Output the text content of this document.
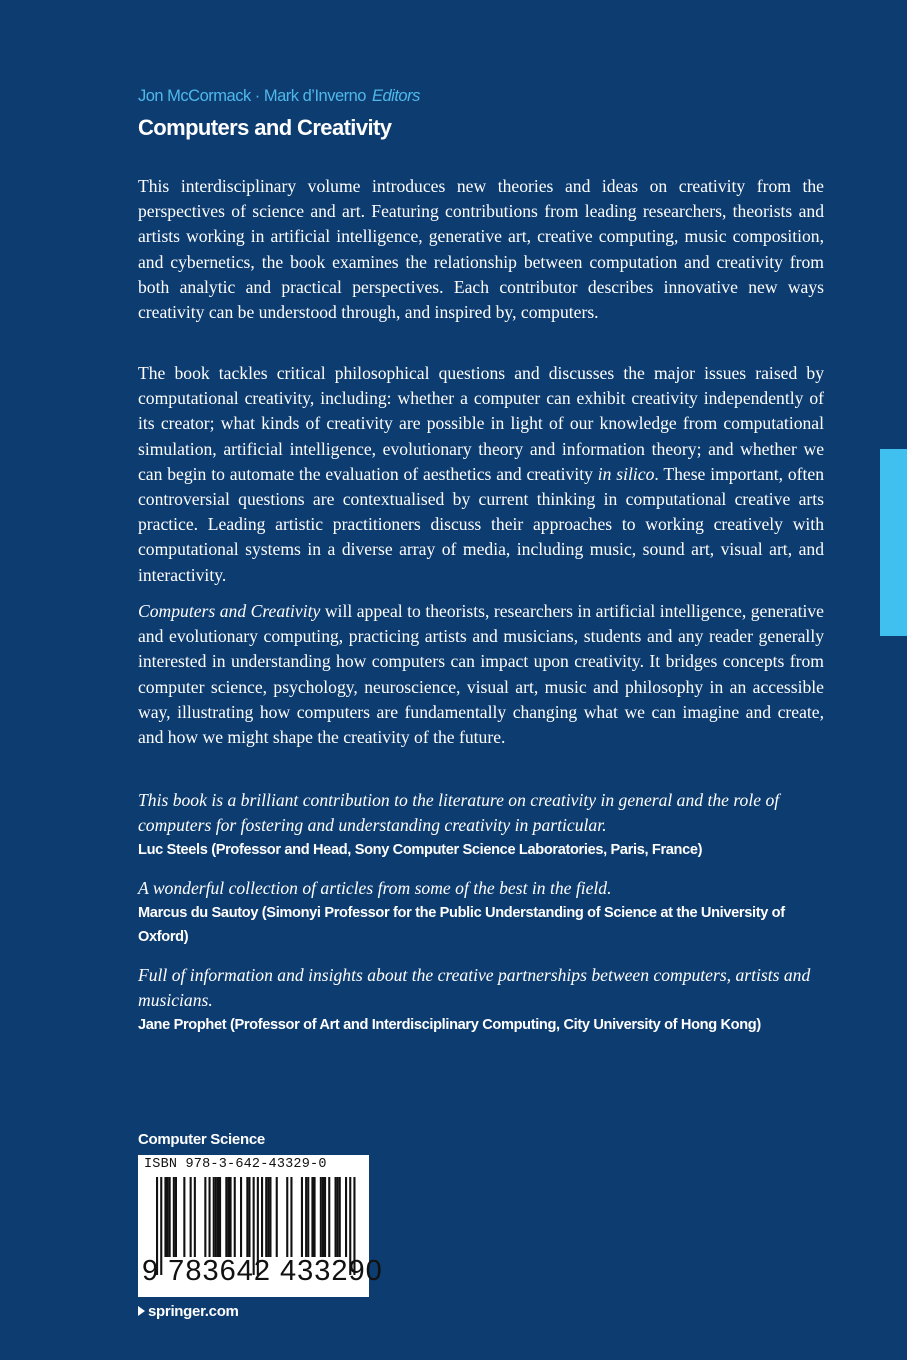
Jon McCormack · Mark d’Inverno Editors
Computers and Creativity

This interdisciplinary volume introduces new theories and ideas on creativity from the perspectives of science and art. Featuring contributions from leading researchers, theorists and artists working in artificial intelligence, generative art, creative computing, music composition, and cybernetics, the book examines the relationship between computation and creativity from both analytic and practical perspectives. Each contributor describes innovative new ways creativity can be understood through, and inspired by, computers.

The book tackles critical philosophical questions and discusses the major issues raised by computational creativity, including: whether a computer can exhibit creativity independently of its creator; what kinds of creativity are possible in light of our knowledge from computational simulation, artificial intelligence, evolutionary theory and information theory; and whether we can begin to automate the evaluation of aesthetics and creativity in silico. These important, often controversial questions are contextualised by current thinking in computational creative arts practice. Leading artistic practitioners discuss their approaches to working creatively with computational systems in a diverse array of media, including music, sound art, visual art, and interactivity.

Computers and Creativity will appeal to theorists, researchers in artificial intelligence, generative and evolutionary computing, practicing artists and musicians, students and any reader generally interested in understanding how computers can impact upon creativity. It bridges concepts from computer science, psychology, neuroscience, visual art, music and philosophy in an accessible way, illustrating how computers are fundamentally changing what we can imagine and create, and how we might shape the creativity of the future.

This book is a brilliant contribution to the literature on creativity in general and the role of computers for fostering and understanding creativity in particular.

Luc Steels (Professor and Head, Sony Computer Science Laboratories, Paris, France)

A wonderful collection of articles from some of the best in the field.

Marcus du Sautoy (Simonyi Professor for the Public Understanding of Science at the University of Oxford)

Full of information and insights about the creative partnerships between computers, artists and musicians.

Jane Prophet (Professor of Art and Interdisciplinary Computing, City University of Hong Kong)

Computer Science
ISBN 978-3-642-43329-0
9 783642 433290
springer.com
